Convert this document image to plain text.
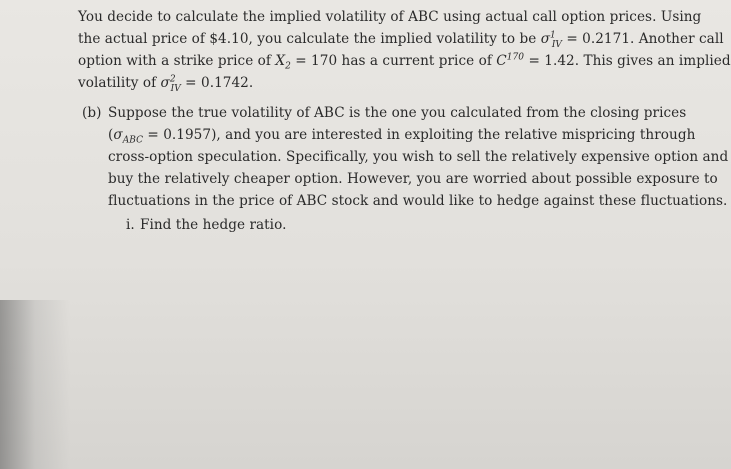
You decide to calculate the implied volatility of ABC using actual call option prices. Using
the actual price of $4.10, you calculate the implied volatility to be $\sigma^1_{IV} = 0.2171$. Another call
option with a strike price of $X_2 = 170$ has a current price of $C^{170} = 1.42$. This gives an implied
volatility of $\sigma^2_{IV} = 0.1742$.
(b) Suppose the true volatility of ABC is the one you calculated from the closing prices
$(\sigma_{ABC} = 0.1957)$, and you are interested in exploiting the relative mispricing through
cross-option speculation. Specifically, you wish to sell the relatively expensive option and
buy the relatively cheaper option. However, you are worried about possible exposure to
fluctuations in the price of ABC stock and would like to hedge against these fluctuations.
i. Find the hedge ratio.
